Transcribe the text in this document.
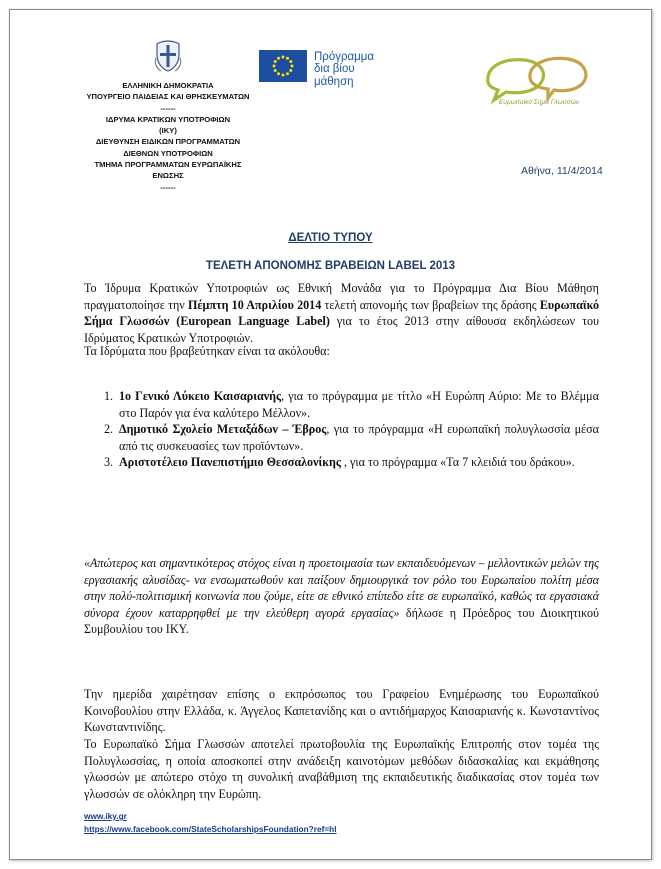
ΕΛΛΗΝΙΚΗ ΔΗΜΟΚΡΑΤΙΑ
ΥΠΟΥΡΓΕΙΟ ΠΑΙΔΕΙΑΣ ΚΑΙ ΘΡΗΣΚΕΥΜΑΤΩΝ
------
ΙΔΡΥΜΑ ΚΡΑΤΙΚΩΝ ΥΠΟΤΡΟΦΙΩΝ
(ΙΚΥ)
ΔΙΕΥΘΥΝΣΗ ΕΙΔΙΚΩΝ ΠΡΟΓΡΑΜΜΑΤΩΝ
ΔΙΕΘΝΩΝ ΥΠΟΤΡΟΦΙΩΝ
ΤΜΗΜΑ ΠΡΟΓΡΑΜΜΑΤΩΝ ΕΥΡΩΠΑΪΚΗΣ
ΕΝΩΣΗΣ
------
Πρόγραμμα
δια βίου
μάθηση
Ευρωπαϊκό Σήμα Γλωσσών
Αθήνα, 11/4/2014
ΔΕΛΤΙΟ ΤΥΠΟΥ
ΤΕΛΕΤΗ ΑΠΟΝΟΜΗΣ ΒΡΑΒΕΙΩΝ LABEL 2013
Το Ίδρυμα Κρατικών Υποτροφιών ως Εθνική Μονάδα για το Πρόγραμμα Δια Βίου Μάθηση πραγματοποίησε την Πέμπτη 10 Απριλίου 2014 τελετή απονομής των βραβείων της δράσης Ευρωπαϊκό Σήμα Γλωσσών (European Language Label) για το έτος 2013 στην αίθουσα εκδηλώσεων του Ιδρύματος Κρατικών Υποτροφιών.
Τα Ιδρύματα που βραβεύτηκαν είναι τα ακόλουθα:
1. 1ο Γενικό Λύκειο Καισαριανής, για το πρόγραμμα με τίτλο «Η Ευρώπη Αύριο: Με το Βλέμμα στο Παρόν για ένα καλύτερο Μέλλον».
2. Δημοτικό Σχολείο Μεταξάδων – Έβρος, για το πρόγραμμα «Η ευρωπαϊκή πολυγλωσσία μέσα από τις συσκευασίες των προϊόντων».
3. Αριστοτέλειο Πανεπιστήμιο Θεσσαλονίκης , για το πρόγραμμα «Τα 7 κλειδιά του δράκου».
«Απώτερος και σημαντικότερος στόχος είναι η προετοιμασία των εκπαιδευόμενων – μελλοντικών μελών της εργασιακής αλυσίδας- να ενσωματωθούν και παίξουν δημιουργικά τον ρόλο του Ευρωπαίου πολίτη μέσα στην πολύ-πολιτισμική κοινωνία που ζούμε, είτε σε εθνικό επίπεδο είτε σε ευρωπαϊκό, καθώς τα εργασιακά σύνορα έχουν καταρρηφθεί με την ελεύθερη αγορά εργασίας» δήλωσε η Πρόεδρος του Διοικητικού Συμβουλίου του ΙΚΥ.
Την ημερίδα χαιρέτησαν επίσης ο εκπρόσωπος του Γραφείου Ενημέρωσης του Ευρωπαϊκού Κοινοβουλίου στην Ελλάδα, κ. Άγγελος Καπετανίδης και ο αντιδήμαρχος Καισαριανής κ. Κωνσταντίνος Κωνσταντινίδης.
Το Ευρωπαϊκό Σήμα Γλωσσών αποτελεί πρωτοβουλία της Ευρωπαϊκής Επιτροπής στον τομέα της Πολυγλωσσίας, η οποία αποσκοπεί στην ανάδειξη καινοτόμων μεθόδων διδασκαλίας και εκμάθησης γλωσσών με απώτερο στόχο τη συνολική αναβάθμιση της εκπαιδευτικής διαδικασίας στον τομέα των γλωσσών σε ολόκληρη την Ευρώπη.
www.iky.gr
https://www.facebook.com/StateScholarshipsFoundation?ref=hl
